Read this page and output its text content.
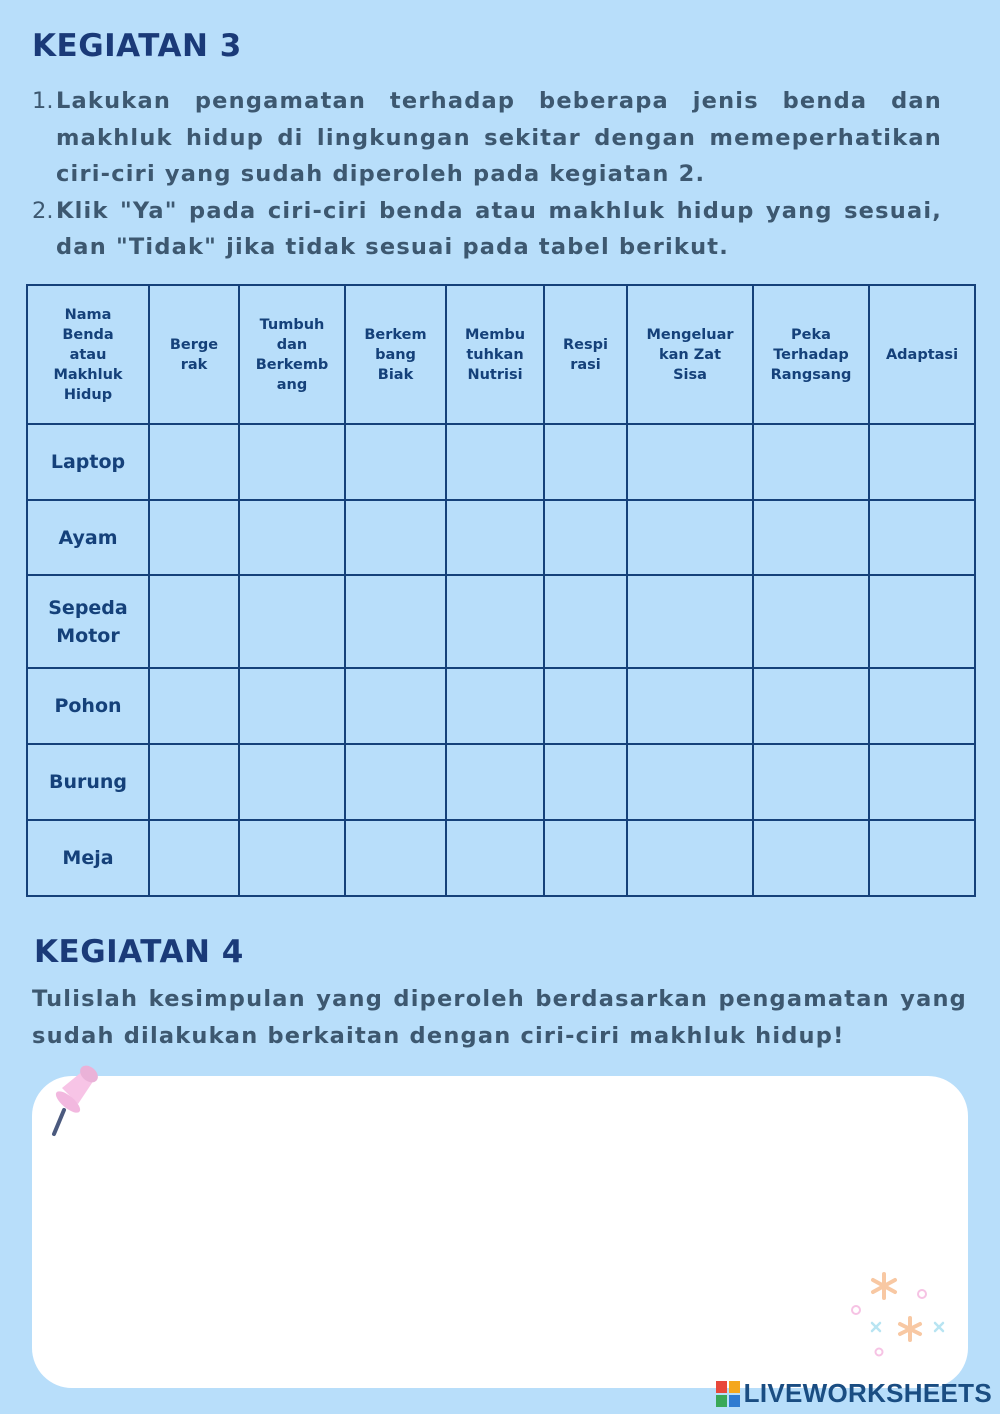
KEGIATAN 3
1. Lakukan pengamatan terhadap beberapa jenis benda dan makhluk hidup di lingkungan sekitar dengan memeperhatikan ciri-ciri yang sudah diperoleh pada kegiatan 2.
2. Klik "Ya" pada ciri-ciri benda atau makhluk hidup yang sesuai, dan "Tidak" jika tidak sesuai pada tabel berikut.
Nama Benda atau Makhluk Hidup	Berge rak	Tumbuh dan Berkemb ang	Berkem bang Biak	Membu tuhkan Nutrisi	Respi rasi	Mengeluar kan Zat Sisa	Peka Terhadap Rangsang	Adaptasi
Laptop								
Ayam								
Sepeda Motor								
Pohon								
Burung								
Meja								
KEGIATAN 4

Tulislah kesimpulan yang diperoleh berdasarkan pengamatan yang sudah dilakukan berkaitan dengan ciri-ciri makhluk hidup!

LIVEWORKSHEETS
